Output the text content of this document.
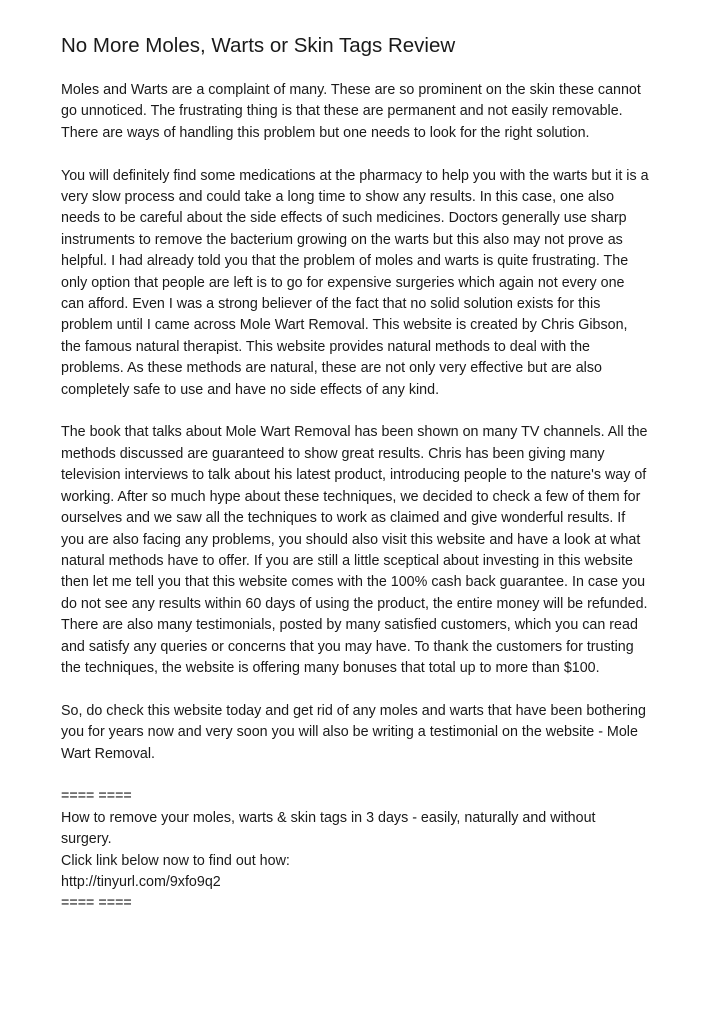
No More Moles, Warts or Skin Tags Review
Moles and Warts are a complaint of many. These are so prominent on the skin these cannot
go unnoticed. The frustrating thing is that these are permanent and not easily removable.
There are ways of handling this problem but one needs to look for the right solution.
You will definitely find some medications at the pharmacy to help you with the warts but it is a
very slow process and could take a long time to show any results. In this case, one also
needs to be careful about the side effects of such medicines. Doctors generally use sharp
instruments to remove the bacterium growing on the warts but this also may not prove as
helpful. I had already told you that the problem of moles and warts is quite frustrating. The
only option that people are left is to go for expensive surgeries which again not every one
can afford. Even I was a strong believer of the fact that no solid solution exists for this
problem until I came across Mole Wart Removal. This website is created by Chris Gibson,
the famous natural therapist. This website provides natural methods to deal with the
problems. As these methods are natural, these are not only very effective but are also
completely safe to use and have no side effects of any kind.
The book that talks about Mole Wart Removal has been shown on many TV channels. All the
methods discussed are guaranteed to show great results. Chris has been giving many
television interviews to talk about his latest product, introducing people to the nature's way of
working. After so much hype about these techniques, we decided to check a few of them for
ourselves and we saw all the techniques to work as claimed and give wonderful results. If
you are also facing any problems, you should also visit this website and have a look at what
natural methods have to offer. If you are still a little sceptical about investing in this website
then let me tell you that this website comes with the 100% cash back guarantee. In case you
do not see any results within 60 days of using the product, the entire money will be refunded.
There are also many testimonials, posted by many satisfied customers, which you can read
and satisfy any queries or concerns that you may have. To thank the customers for trusting
the techniques, the website is offering many bonuses that total up to more than $100.
So, do check this website today and get rid of any moles and warts that have been bothering
you for years now and very soon you will also be writing a testimonial on the website - Mole
Wart Removal.
==== ====
How to remove your moles, warts & skin tags in 3 days - easily, naturally and without
surgery.
Click link below now to find out how:
http://tinyurl.com/9xfo9q2
==== ====
